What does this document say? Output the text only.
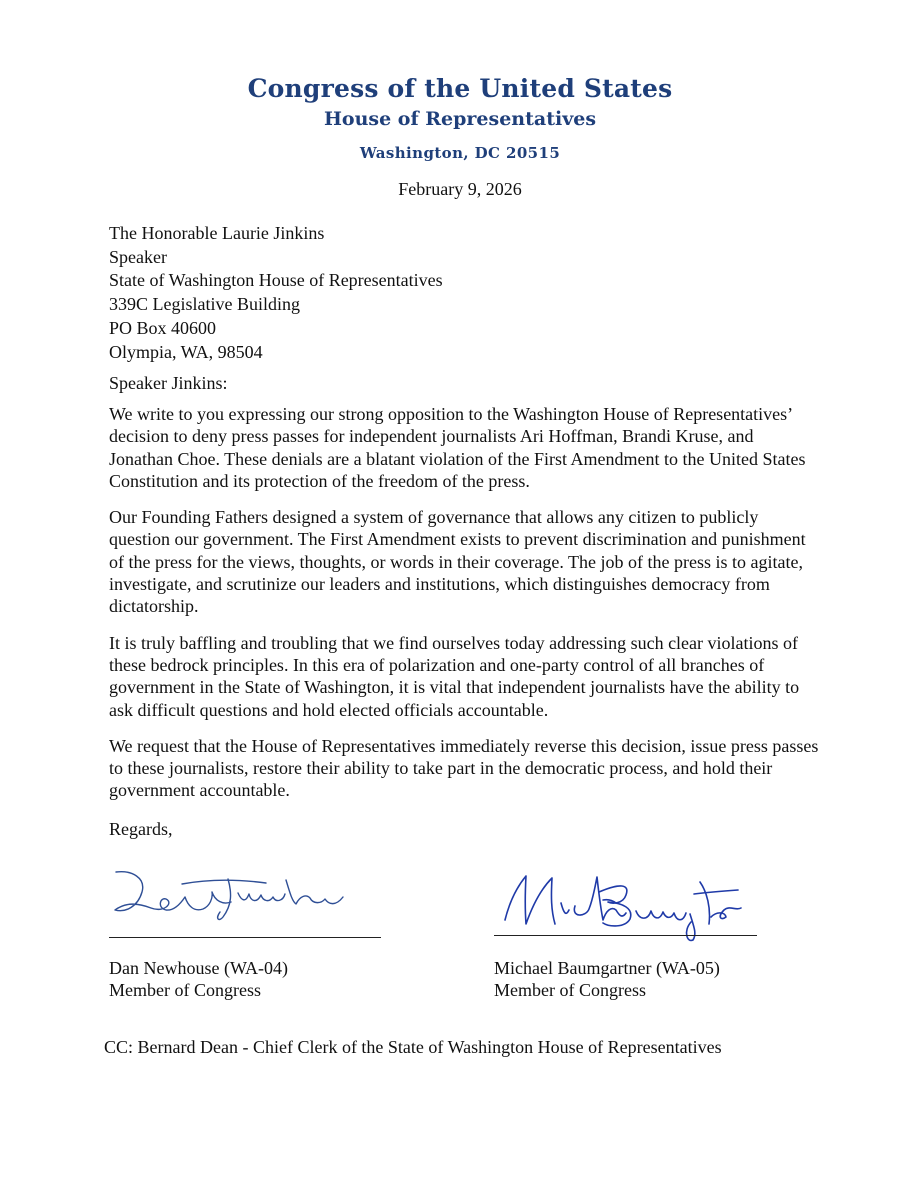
Congress of the United States
House of Representatives
Washington, DC 20515
February 9, 2026
The Honorable Laurie Jinkins
Speaker
State of Washington House of Representatives
339C Legislative Building
PO Box 40600
Olympia, WA, 98504
Speaker Jinkins:

We write to you expressing our strong opposition to the Washington House of Representatives’ decision to deny press passes for independent journalists Ari Hoffman, Brandi Kruse, and Jonathan Choe. These denials are a blatant violation of the First Amendment to the United States Constitution and its protection of the freedom of the press.

Our Founding Fathers designed a system of governance that allows any citizen to publicly question our government. The First Amendment exists to prevent discrimination and punishment of the press for the views, thoughts, or words in their coverage. The job of the press is to agitate, investigate, and scrutinize our leaders and institutions, which distinguishes democracy from dictatorship.

It is truly baffling and troubling that we find ourselves today addressing such clear violations of these bedrock principles. In this era of polarization and one-party control of all branches of government in the State of Washington, it is vital that independent journalists have the ability to ask difficult questions and hold elected officials accountable.

We request that the House of Representatives immediately reverse this decision, issue press passes to these journalists, restore their ability to take part in the democratic process, and hold their government accountable.

Regards,
Dan Newhouse (WA-04)
Member of Congress
Michael Baumgartner (WA-05)
Member of Congress
CC: Bernard Dean - Chief Clerk of the State of Washington House of Representatives
